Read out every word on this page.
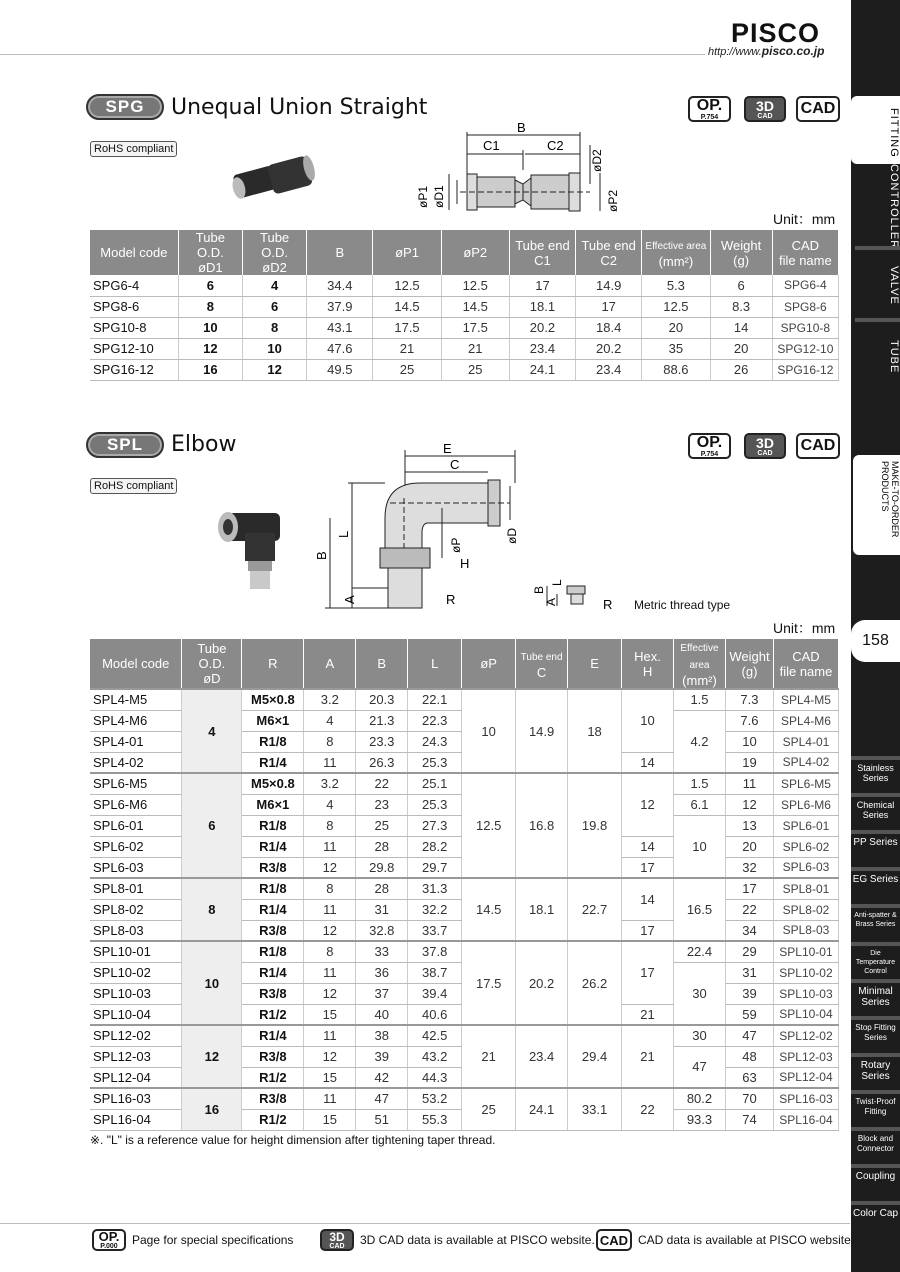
PISCO
http://www.pisco.co.jp
FITTING
CONTROLLER
VALVE
TUBE
MAKE-TO-ORDER PRODUCTS
158
Stainless Series
Chemical Series
PP Series
EG Series
Anti-spatter & Brass Series
Die Temperature Control
Minimal Series
Stop Fitting Series
Rotary Series
Twist-Proof Fitting
Block and Connector
Coupling
Color Cap
SPG	Unequal Union Straight
RoHS compliant
OP.
P.754
3D
CAD CAD
B
C1	C2
øP1 øD1
øD2
øP2
Unit：mm
Model code	Tube O.D.
øD1	Tube O.D.
øD2	B	øP1	øP2	Tube end
C1	Tube end
C2	Effective area
(mm²)	Weight
(g)	CAD
file name
SPG6-4	6	4	34.4	12.5	12.5	17	14.9	5.3	6	SPG6-4
SPG8-6	8	6	37.9	14.5	14.5	18.1	17	12.5	8.3	SPG8-6
SPG10-8	10	8	43.1	17.5	17.5	20.2	18.4	20	14	SPG10-8
SPG12-10	12	10	47.6	21	21	23.4	20.2	35	20	SPG12-10
SPG16-12	16	12	49.5	25	25	24.1	23.4	88.6	26	SPG16-12
SPL	Elbow
RoHS compliant
OP.
P.754
3D
CAD CAD
E
C
B
L
A
øP
øD
H
R
B
L
A	R Metric thread type
Unit：mm
Model code	Tube O.D.
øD	R	A	B	L	øP	Tube end
C	E	Hex.
H	Effective area
(mm²)	Weight
(g)	CAD
file name
SPL4-M5	4	M5×0.8	3.2	20.3	22.1	10	14.9	18	10	1.5	7.3	SPL4-M5
SPL4-M6		M6×1	4	21.3	22.3					4.2	7.6	SPL4-M6
SPL4-01		R1/8	8	23.3	24.3						10	SPL4-01
SPL4-02		R1/4	11	26.3	25.3				14		19	SPL4-02
SPL6-M5	6	M5×0.8	3.2	22	25.1	12.5	16.8	19.8	12	1.5	11	SPL6-M5
SPL6-M6		M6×1	4	23	25.3					6.1	12	SPL6-M6
SPL6-01		R1/8	8	25	27.3					10	13	SPL6-01
SPL6-02		R1/4	11	28	28.2				14		20	SPL6-02
SPL6-03		R3/8	12	29.8	29.7				17		32	SPL6-03
SPL8-01	8	R1/8	8	28	31.3	14.5	18.1	22.7	14	16.5	17	SPL8-01
SPL8-02		R1/4	11	31	32.2						22	SPL8-02
SPL8-03		R3/8	12	32.8	33.7				17		34	SPL8-03
SPL10-01	10	R1/8	8	33	37.8	17.5	20.2	26.2	17	22.4	29	SPL10-01
SPL10-02		R1/4	11	36	38.7					30	31	SPL10-02
SPL10-03		R3/8	12	37	39.4						39	SPL10-03
SPL10-04		R1/2	15	40	40.6				21		59	SPL10-04
SPL12-02	12	R1/4	11	38	42.5	21	23.4	29.4	21	30	47	SPL12-02
SPL12-03		R3/8	12	39	43.2					47	48	SPL12-03
SPL12-04		R1/2	15	42	44.3						63	SPL12-04
SPL16-03	16	R3/8	11	47	53.2	25	24.1	33.1	22	80.2	70	SPL16-03
SPL16-04		R1/2	15	51	55.3					93.3	74	SPL16-04
※. "L" is a reference value for height dimension after tightening taper thread.
OP.
P.000 Page for special specifications	3D
CAD 3D CAD data is available at PISCO website. CAD CAD data is available at PISCO website.
